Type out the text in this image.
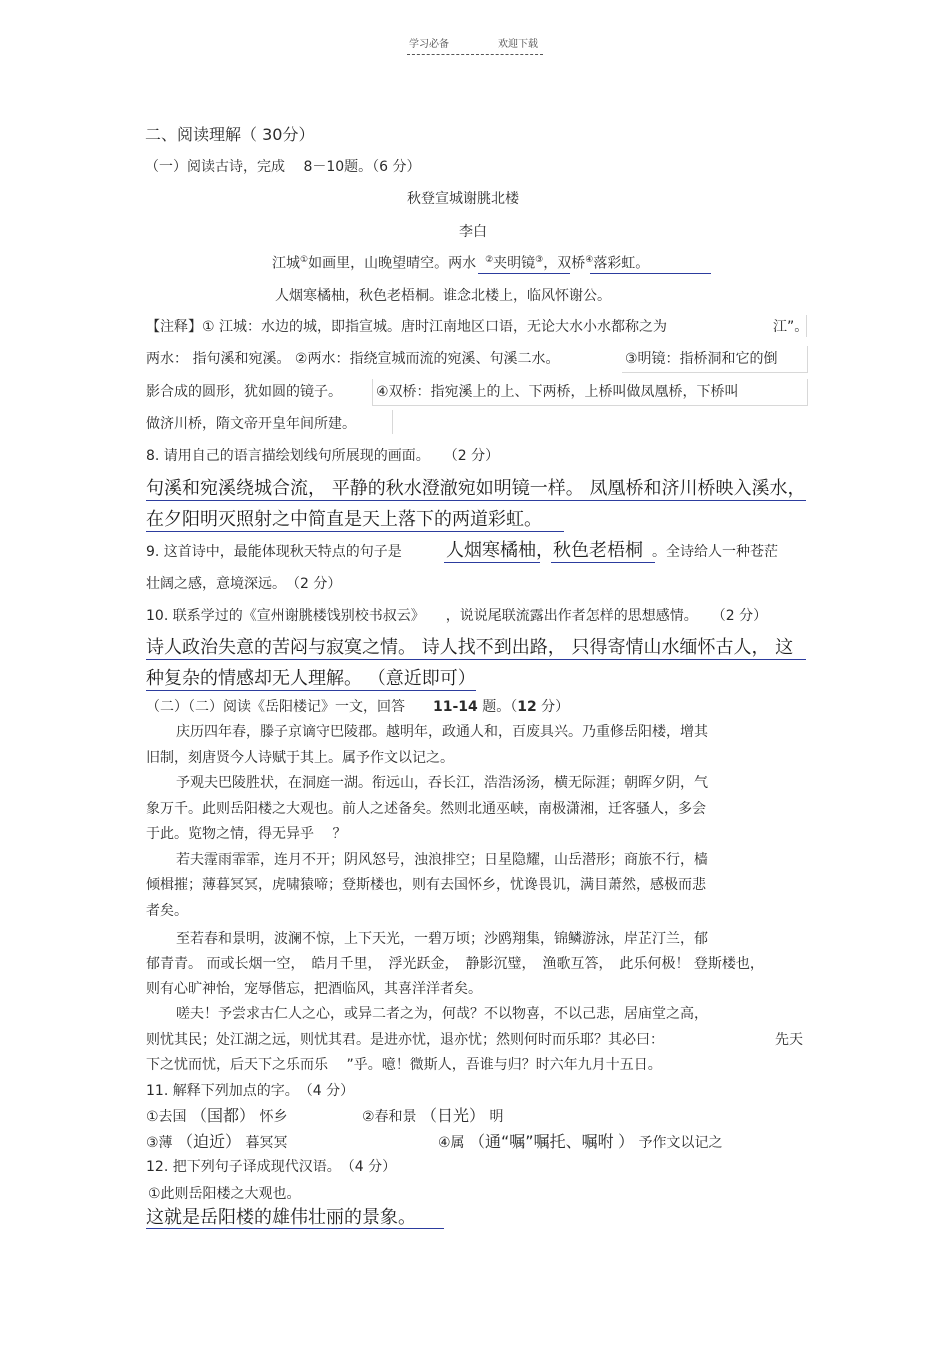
学习必备	欢迎下载
二、阅读理解（ 30分）
（一）阅读古诗，完成　 8－10题。（6 分）
秋登宣城谢朓北楼
李白
江城①如画里，山晚望晴空。两水　②夹明镜③，双桥④落彩虹。
人烟寒橘柚，秋色老梧桐。谁念北楼上，临风怀谢公。
【注释】① 江城：水边的城，即指宣城。唐时江南地区口语，无论大水小水都称之为	江”。
两水： 指句溪和宛溪。 ②两水：指绕宣城而流的宛溪、句溪二水。	③明镜：指桥洞和它的倒
影合成的圆形，犹如圆的镜子。 ④双桥：指宛溪上的上、下两桥，上桥叫做凤凰桥，下桥叫
做济川桥，隋文帝开皇年间所建。
8. 请用自己的语言描绘划线句所展现的画面。　　（2 分）
句溪和宛溪绕城合流， 平静的秋水澄澈宛如明镜一样。 凤凰桥和济川桥映入溪水，
在夕阳明灭照射之中简直是天上落下的两道彩虹。
9. 这首诗中，最能体现秋天特点的句子是 人烟寒橘柚， 秋色老梧桐 。全诗给人一种苍茫
壮阔之感，意境深远。　（2 分）
10. 联系学过的《宣州谢朓楼饯别校书叔云》　　，说说尾联流露出作者怎样的思想感情。　　（2 分）
诗人政治失意的苦闷与寂寞之情。 诗人找不到出路， 只得寄情山水缅怀古人， 这
种复杂的情感却无人理解。 （意近即可）
（二）（二）阅读《岳阳楼记》一文，回答　　 11-14 题。（12 分）
庆历四年春，滕子京谪守巴陵郡。越明年，政通人和，百废具兴。乃重修岳阳楼，增其
旧制，刻唐贤今人诗赋于其上。属予作文以记之。
予观夫巴陵胜状，在洞庭一湖。衔远山，吞长江，浩浩汤汤，横无际涯；朝晖夕阴，气
象万千。此则岳阳楼之大观也。前人之述备矣。然则北通巫峡，南极潇湘，迁客骚人，多会
于此。览物之情，得无异乎　 ？
若夫霪雨霏霏，连月不开；阴风怒号，浊浪排空；日星隐耀，山岳潜形；商旅不行，樯
倾楫摧；薄暮冥冥，虎啸猿啼；登斯楼也，则有去国怀乡，忧谗畏讥，满目萧然，感极而悲
者矣。
至若春和景明，波澜不惊，上下天光，一碧万顷；沙鸥翔集，锦鳞游泳，岸芷汀兰，郁
郁青青。 而或长烟一空，　皓月千里，　浮光跃金，　静影沉璧，　渔歌互答，　此乐何极！ 登斯楼也，
则有心旷神怡，宠辱偕忘，把酒临风，其喜洋洋者矣。
嗟夫！予尝求古仁人之心，或异二者之为，何哉？不以物喜，不以己悲，居庙堂之高，
则忧其民；处江湖之远，则忧其君。是进亦忧，退亦忧；然则何时而乐耶？其必曰：	先天
下之忧而忧，后天下之乐而乐　 ”乎。噫！微斯人，吾谁与归？时六年九月十五日。
11. 解释下列加点的字。　（4 分）
①去国 （国都） 怀乡	②春和景 （日光） 明
③薄 （迫近） 暮冥冥	④属 （通“嘱”嘱托、嘱咐 ） 予作文以记之
12. 把下列句子译成现代汉语。　（4 分）
①此则岳阳楼之大观也。
这就是岳阳楼的雄伟壮丽的景象。
